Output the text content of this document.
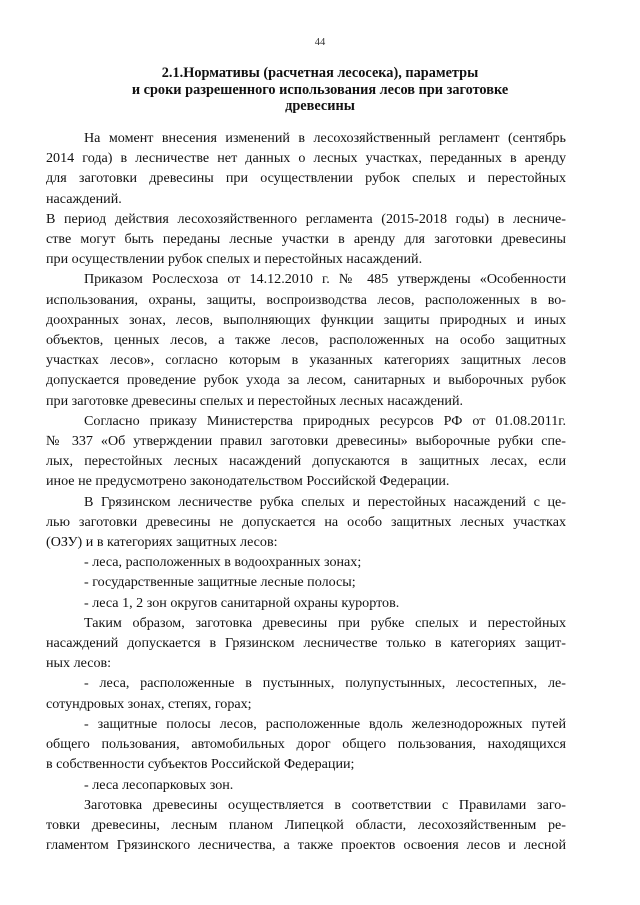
44
2.1.Нормативы (расчетная лесосека), параметры
и сроки разрешенного использования лесов при заготовке
древесины
На момент внесения изменений в лесохозяйственный регламент (сентябрь
2014 года) в лесничестве нет данных о лесных участках, переданных в аренду
для заготовки древесины при осуществлении рубок спелых и перестойных
насаждений.
В период действия лесохозяйственного регламента (2015-2018 годы) в лесниче-
стве могут быть переданы лесные участки в аренду для заготовки древесины
при осуществлении рубок спелых и перестойных насаждений.
Приказом Рослесхоза от 14.12.2010 г. № 485 утверждены «Особенности
использования, охраны, защиты, воспроизводства лесов, расположенных в во-
доохранных зонах, лесов, выполняющих функции защиты природных и иных
объектов, ценных лесов, а также лесов, расположенных на особо защитных
участках лесов», согласно которым в указанных категориях защитных лесов
допускается проведение рубок ухода за лесом, санитарных и выборочных рубок
при заготовке древесины спелых и перестойных лесных насаждений.
Согласно приказу Министерства природных ресурсов РФ от 01.08.2011г.
№ 337 «Об утверждении правил заготовки древесины» выборочные рубки спе-
лых, перестойных лесных насаждений допускаются в защитных лесах, если
иное не предусмотрено законодательством Российской Федерации.
В Грязинском лесничестве рубка спелых и перестойных насаждений с це-
лью заготовки древесины не допускается на особо защитных лесных участках
(ОЗУ) и в категориях защитных лесов:
- леса, расположенных в водоохранных зонах;
- государственные защитные лесные полосы;
- леса 1, 2 зон округов санитарной охраны курортов.
Таким образом, заготовка древесины при рубке спелых и перестойных
насаждений допускается в Грязинском лесничестве только в категориях защит-
ных лесов:
- леса, расположенные в пустынных, полупустынных, лесостепных, ле-
сотундровых зонах, степях, горах;
- защитные полосы лесов, расположенные вдоль железнодорожных путей
общего пользования, автомобильных дорог общего пользования, находящихся
в собственности субъектов Российской Федерации;
- леса лесопарковых зон.
Заготовка древесины осуществляется в соответствии с Правилами заго-
товки древесины, лесным планом Липецкой области, лесохозяйственным ре-
гламентом Грязинского лесничества, а также проектов освоения лесов и лесной
